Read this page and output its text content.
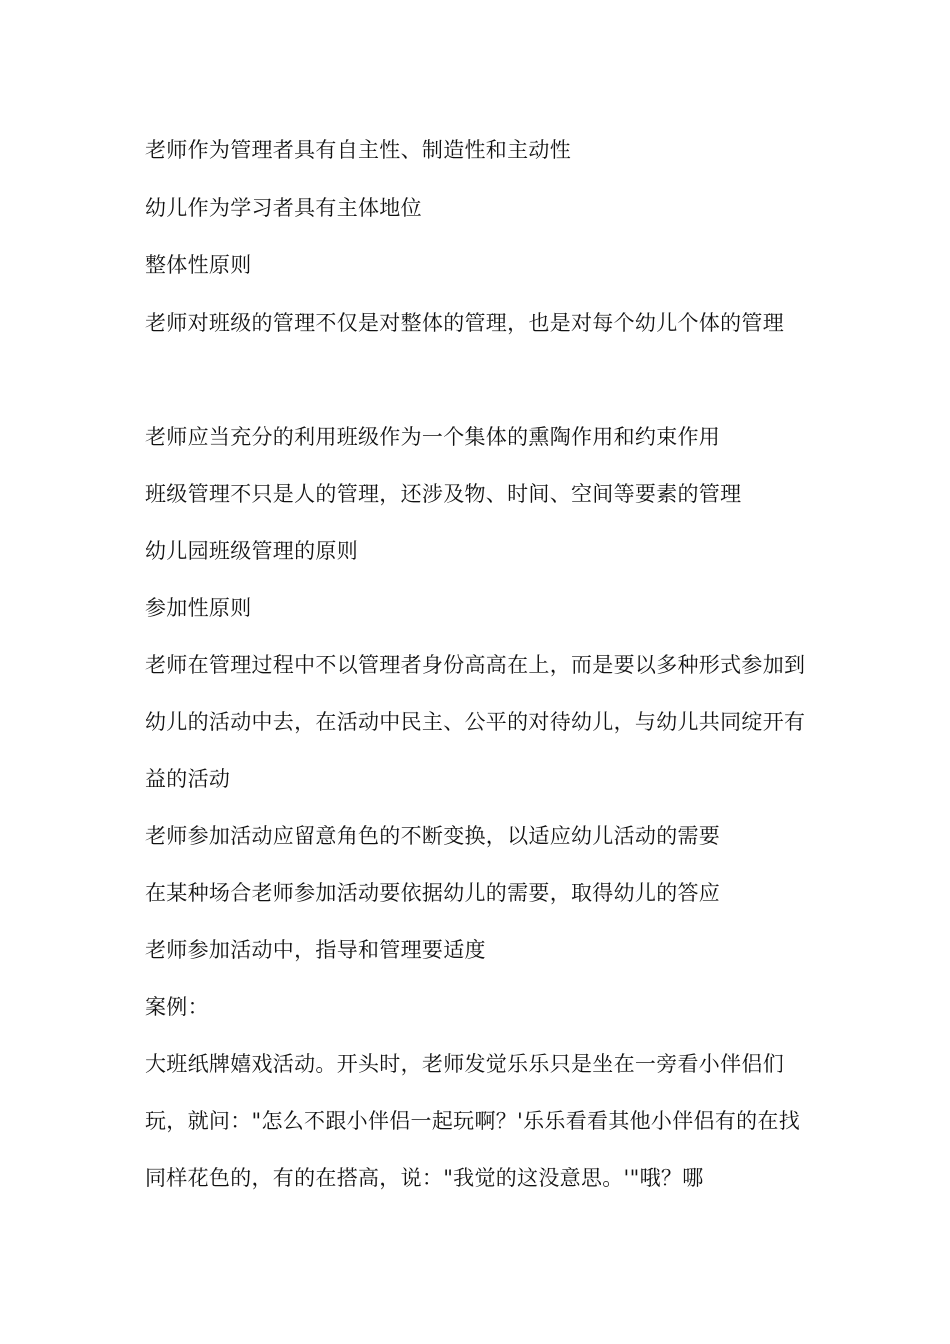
老师作为管理者具有自主性、制造性和主动性

幼儿作为学习者具有主体地位

整体性原则

老师对班级的管理不仅是对整体的管理，也是对每个幼儿个体的管理

老师应当充分的利用班级作为一个集体的熏陶作用和约束作用

班级管理不只是人的管理，还涉及物、时间、空间等要素的管理

幼儿园班级管理的原则

参加性原则

老师在管理过程中不以管理者身份高高在上，而是要以多种形式参加到幼儿的活动中去，在活动中民主、公平的对待幼儿，与幼儿共同绽开有益的活动

老师参加活动应留意角色的不断变换，以适应幼儿活动的需要

在某种场合老师参加活动要依据幼儿的需要，取得幼儿的答应

老师参加活动中，指导和管理要适度

案例：

大班纸牌嬉戏活动。开头时，老师发觉乐乐只是坐在一旁看小伴侣们玩，就问："怎么不跟小伴侣一起玩啊？'乐乐看看其他小伴侣有的在找同样花色的，有的在搭高，说："我觉的这没意思。'"哦？哪
